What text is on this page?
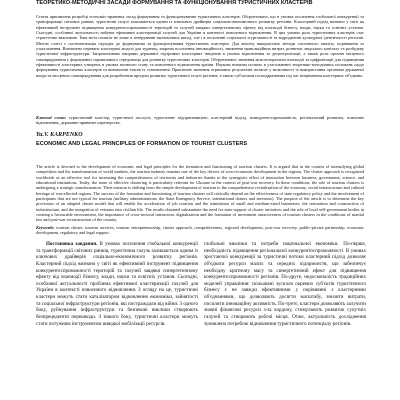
ТЕОРЕТИКО-МЕТОДИЧНІ ЗАСАДИ ФОРМУВАННЯ ТА ФУНКЦІОНУВАННЯ ТУРИСТИЧНИХ КЛАСТЕРІВ

Стаття присвячена розробці economic-правових засад формування та функціонування туристичних кластерів. Обґрунтовано, що в умовах посилення глобальної конкуренції та трансформації світових ринків, туристичні галузі залишаються одним із ключових драйверів соціально-економічного розвитку регіонів. Кластерний підхід визнано у світі як ефективний інструмент підвищення конкурентоспроможності територій та галузей завдяки синергетичному ефекту від взаємодії бізнесу, влади, науки та освітніх установ. Сьогодні, особливої актуальності набуває ефективні кластеризації галузей для України в контексті повоєнного відновлення. В цих умовах роль туристичних кластерів стає стратегічно важливою. Їхня мета полягає не лише в генеруванні економічних вигод, але і в посиленні соціальної згуртованості та відродженні культурної ідентичності регіонів. Метою статті є систематизація підходів до формування та функціонування туристичних кластерів. Для аналізу використано методи системного аналізу, порівняння та узагальнення. Визначено переваги кластерної моделі для туризму, зокрема посилення інноваційності, зниження трансакційних витрат, розвиток людського капіталу та розбудову туристичної інфраструктури. Запропоновано напрями державної підтримки кластерних ініціатив в умовах відновлення та децентралізації, а також роль органів місцевого самоврядування у формуванні сприятливого середовища для розвитку туристичних кластерів. Обґрунтовано значення міжсекторальної взаємодії та цифровізації для підвищення ефективності кластерних утворень в умовах воєнного стану та повоєнного відновлення країни. Наукова новизна полягає в узагальненні теоретико-методичних положень щодо формування туристичних кластерів та визначенні етапів їх становлення. Практичне значення отриманих результатів полягає у можливості їх використання органами державної влади та місцевого самоврядування для розроблення програм розвитку туристичної галузі регіонів, а також суб'єктами господарювання під час ініціювання кластерних об'єднань.

Ключові слова: туристичний кластер, туристичні послуги, туристичне підприємництво, кластерний підхід, конкурентоспроможність, регіональний розвиток, повоєнне відновлення, державно-приватне партнерство.

Yu.V. KARPENKO

ECONOMIC AND LEGAL PRINCIPLES OF FORMATION OF TOURIST CLUSTERS

The article is devoted to the development of economic and legal principles for the formation and functioning of tourism clusters. It is argued that in the context of intensifying global competition and the transformation of world markets, the tourism industry remains one of the key drivers of socio-economic development in the regions. The cluster approach is recognized worldwide as an effective tool for increasing the competitiveness of territories and industries thanks to the synergistic effect of interaction between business, government, science, and educational institutions. Today, the issue of effective clustering is particularly relevant for Ukraine in the context of post-war recovery. In these conditions, the role of tourism clusters is undergoing a strategic transformation. Their mission is shifting from the simple development of tourism to the comprehensive revitalization of the economy, social infrastructure and cultural heritage of war-affected regions. The success of the formation and functioning of tourism clusters will critically depend on the effectiveness of state regulatory policy and the involvement of participants that are not typical for tourism (military administrations, the State Emergency Service, international donors and investors). The purpose of the article is to determine the key provisions of an adapted cluster model that will enable the acceleration of job creation and the stimulation of small and medium-sized businesses, the restoration and construction of infrastructure, and the integration of veterans into civilian life. The results obtained substantiate the need for state support of cluster initiatives and the role of local self-government bodies in creating a favourable environment, the importance of cross-sectoral interaction, digitalization and the formation of investment attractiveness of tourism clusters in the conditions of martial law and post-war reconstruction of the country.

Keywords: tourism cluster, tourism services, tourism entrepreneurship, cluster approach, competitiveness, regional development, post-war recovery, public-private partnership, economic development, regulatory and legal support.

Постановка завдання. В умовах посилення глобальної конкуренції та трансформації світових ринків, туристична галузь залишається одним із ключових драйверів соціально-економічного розвитку регіонів. Кластерний підхід визнано у світі як ефективний інструмент підвищення конкурентоспроможності територій та галузей завдяки синергетичному ефекту від взаємодії бізнесу, влади, науки та освітніх установ. Сьогодні, особливої актуальності проблема ефективної кластеризації галузей для України в контексті повоєнного відновлення. З огляду на це, туристичні кластери можуть стати каталізатором відновлення економіки, зайнятості та соціальної інфраструктури регіонів, які постраждали від війни. З одного боку, руйнування інфраструктури та безпекові виклики створюють безпрецедентні перешкоди. З іншого боку, туристичні кластери можуть стати потужним інструментом швидкої мобілізації ресурсів.

глобальні виклики та потреби національної економіки. По-перше, необхідність підвищення регіональної конкурентоспроможності. В умовах зростаючої конкуренції за туристичні потоки кластерний підхід дозволяє об'єднати ресурси малих та середніх підприємств, що забезпечує необхідну критичну масу та синергетичний ефект для підвищення конкурентоспроможності регіонів. По-друге, недосконалість традиційних моделей управління: ізольовані зусилля окремих суб'єктів туристичного бізнесу є не завжди ефективними у порівнянні з кластерними об'єднаннями, що дозволяють досягти масштабу, знизити витрати, посилити інноваційну активність. По-третє, кластери дозволяють залучити значні фінансові ресурси з-за кордону, стимулюють розвиток супутніх галузей та створюють робочі місця. Отже, актуальність дослідження зумовлена потребою відновлення туристичного потенціалу регіонів.
